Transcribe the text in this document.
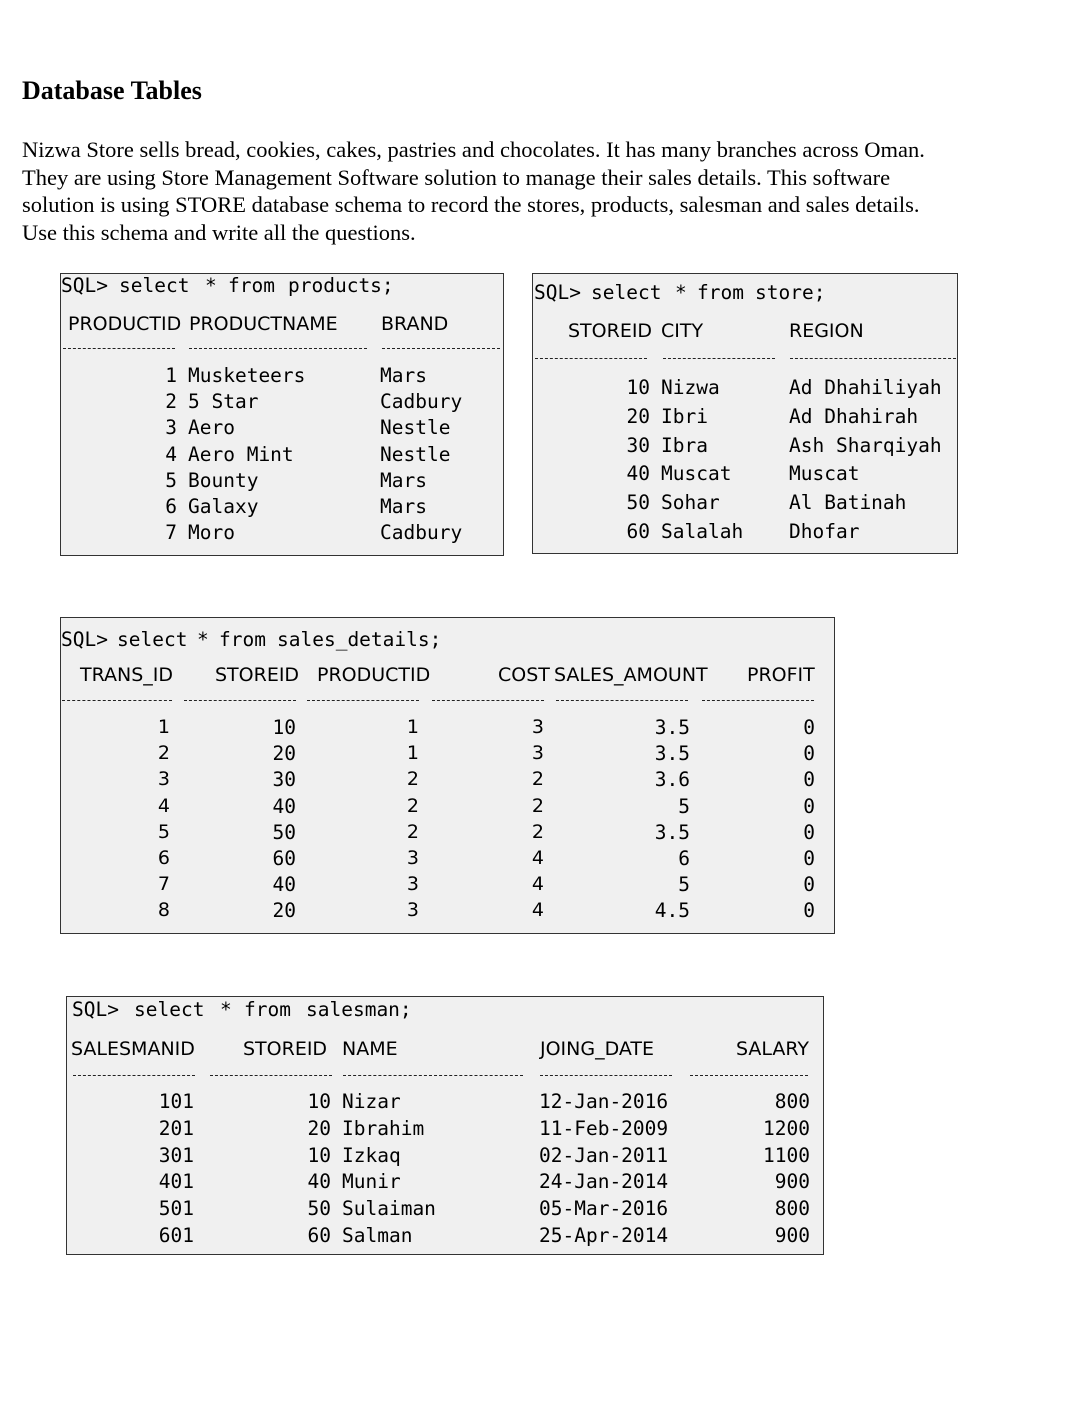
Database Tables

Nizwa Store sells bread, cookies, cakes, pastries and chocolates. It has many branches across Oman.
They are using Store Management Software solution to manage their sales details. This software
solution is using STORE database schema to record the stores, products, salesman and sales details.
Use this schema and write all the questions.

SQL> select * from products;
PRODUCTID PRODUCTNAME BRAND
1 Musketeers	Mars
2 5 Star	Cadbury
3 Aero	Nestle
4 Aero Mint	Nestle
5 Bounty	Mars
6 Galaxy	Mars
7 Moro	Cadbury
SQL> select * from store;
STOREID CITY	REGION
10 Nizwa	Ad Dhahiliyah
20 Ibri	Ad Dhahirah
30 Ibra	Ash Sharqiyah
40 Muscat	Muscat
50 Sohar	Al Batinah
60 Salalah Dhofar
SQL> select * from sales_details;
TRANS_ID STOREID PRODUCTID	COST SALES_AMOUNT PROFIT
1	10	1	3	3.5	0
2	20	1	3	3.5	0
3	30	2	2	3.6	0
4	40	2	2	5	0
5	50	2	2	3.5	0
6	60	3	4	6	0
7	40	3	4	5	0
8	20	3	4	4.5	0
SQL> select * from salesman;
SALESMANID	STOREID NAME	JOING_DATE	SALARY
101	10 Nizar	12-Jan-2016	800
201	20 Ibrahim	11-Feb-2009	1200
301	10 Izkaq	02-Jan-2011	1100
401	40 Munir	24-Jan-2014	900
501	50 Sulaiman	05-Mar-2016	800
601	60 Salman	25-Apr-2014	900
